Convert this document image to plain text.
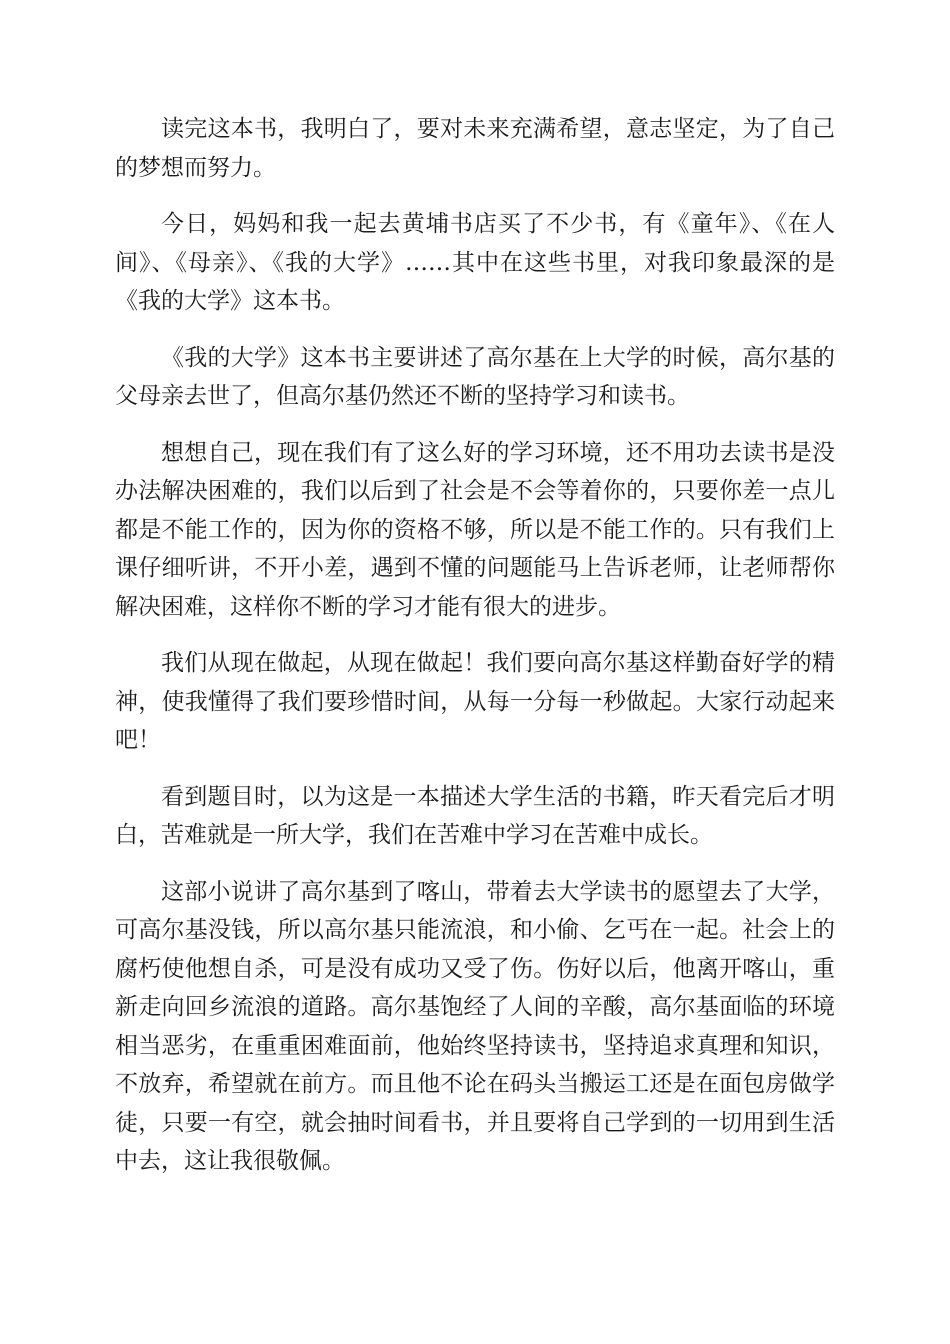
读完这本书，我明白了，要对未来充满希望，意志坚定，为了自己的梦想而努力。

今日，妈妈和我一起去黄埔书店买了不少书，有《童年》、《在人间》、《母亲》、《我的大学》……其中在这些书里，对我印象最深的是《我的大学》这本书。

《我的大学》这本书主要讲述了高尔基在上大学的时候，高尔基的父母亲去世了，但高尔基仍然还不断的坚持学习和读书。

想想自己，现在我们有了这么好的学习环境，还不用功去读书是没办法解决困难的，我们以后到了社会是不会等着你的，只要你差一点儿都是不能工作的，因为你的资格不够，所以是不能工作的。只有我们上课仔细听讲，不开小差，遇到不懂的问题能马上告诉老师，让老师帮你解决困难，这样你不断的学习才能有很大的进步。

我们从现在做起，从现在做起！我们要向高尔基这样勤奋好学的精神，使我懂得了我们要珍惜时间，从每一分每一秒做起。大家行动起来吧！

看到题目时，以为这是一本描述大学生活的书籍，昨天看完后才明白，苦难就是一所大学，我们在苦难中学习在苦难中成长。

这部小说讲了高尔基到了喀山，带着去大学读书的愿望去了大学，可高尔基没钱，所以高尔基只能流浪，和小偷、乞丐在一起。社会上的腐朽使他想自杀，可是没有成功又受了伤。伤好以后，他离开喀山，重新走向回乡流浪的道路。高尔基饱经了人间的辛酸，高尔基面临的环境相当恶劣，在重重困难面前，他始终坚持读书，坚持追求真理和知识，不放弃，希望就在前方。而且他不论在码头当搬运工还是在面包房做学徒，只要一有空，就会抽时间看书，并且要将自己学到的一切用到生活中去，这让我很敬佩。
